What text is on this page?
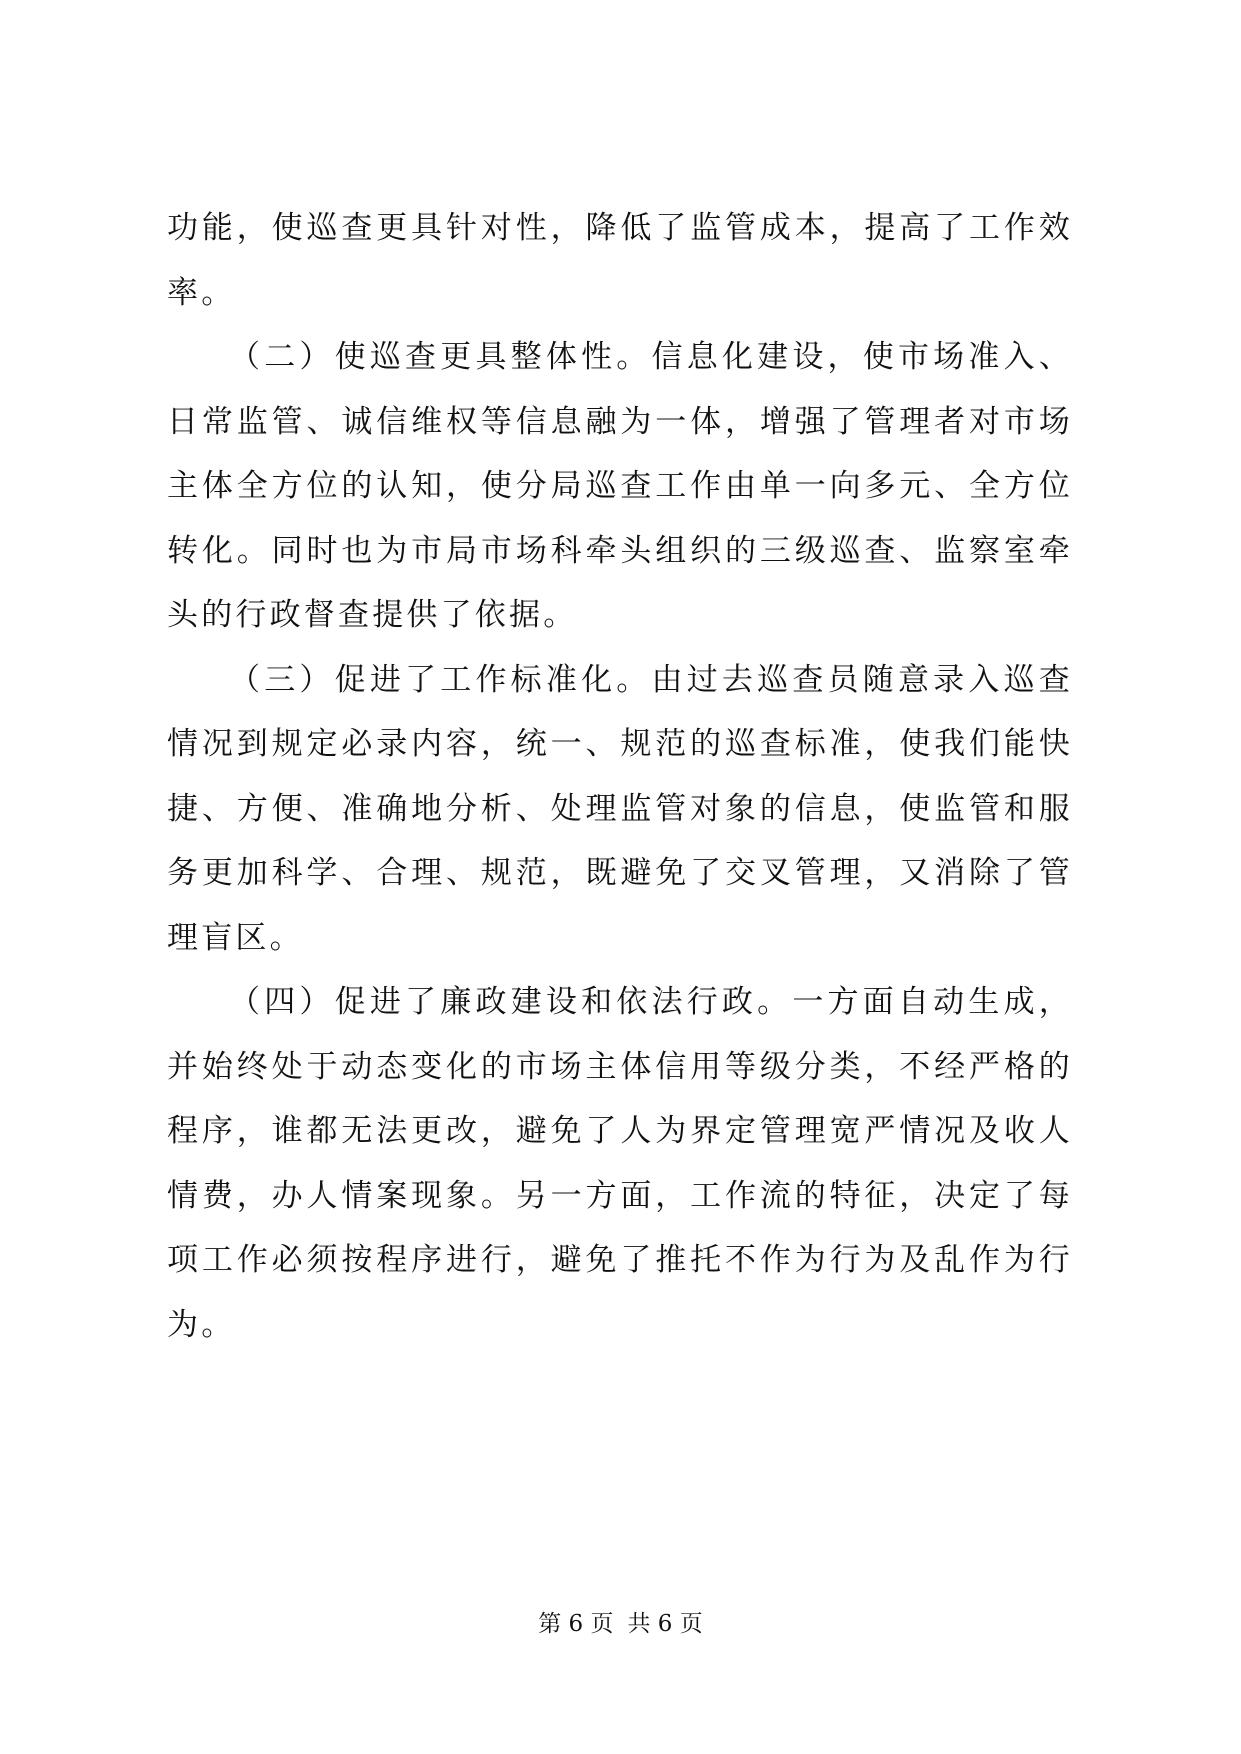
功能，使巡查更具针对性，降低了监管成本，提高了工作效率。

（二）使巡查更具整体性。信息化建设，使市场准入、日常监管、诚信维权等信息融为一体，增强了管理者对市场主体全方位的认知，使分局巡查工作由单一向多元、全方位转化。同时也为市局市场科牵头组织的三级巡查、监察室牵头的行政督查提供了依据。

（三）促进了工作标准化。由过去巡查员随意录入巡查情况到规定必录内容，统一、规范的巡查标准，使我们能快捷、方便、准确地分析、处理监管对象的信息，使监管和服务更加科学、合理、规范，既避免了交叉管理，又消除了管理盲区。

（四）促进了廉政建设和依法行政。一方面自动生成，并始终处于动态变化的市场主体信用等级分类，不经严格的程序，谁都无法更改，避免了人为界定管理宽严情况及收人情费，办人情案现象。另一方面，工作流的特征，决定了每项工作必须按程序进行，避免了推托不作为行为及乱作为行为。

第 6 页 共 6 页
